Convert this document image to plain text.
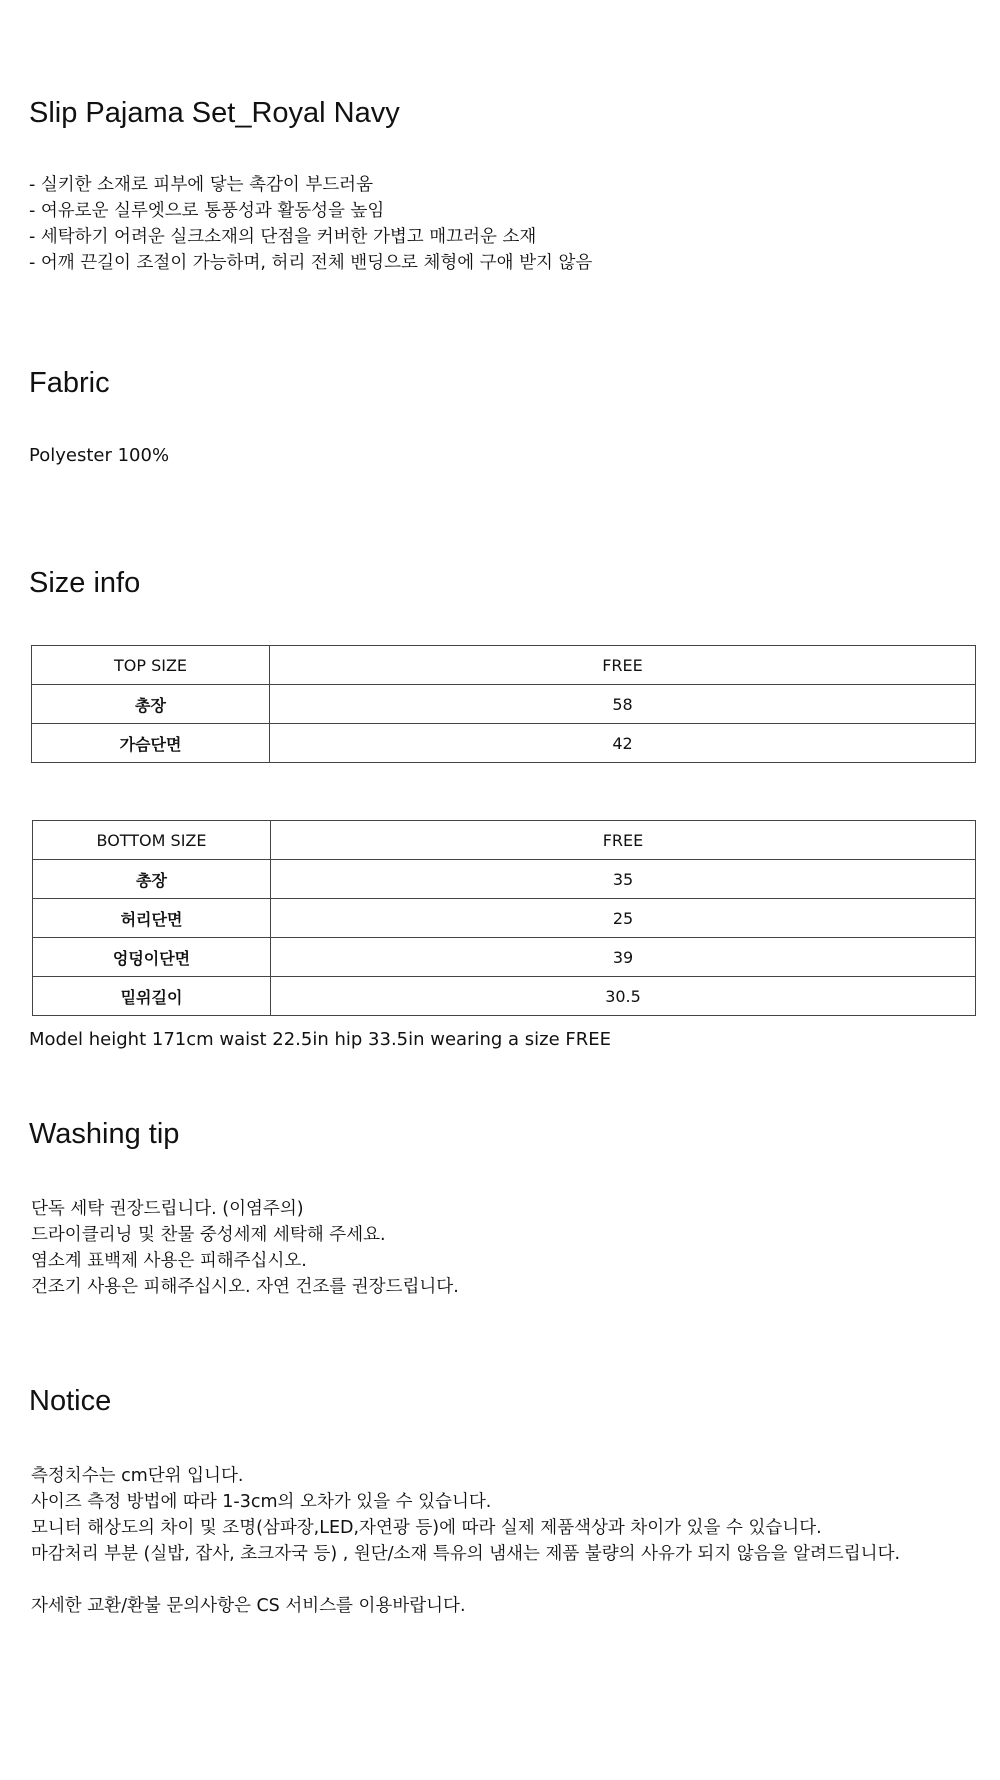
Slip Pajama Set_Royal Navy
- 실키한 소재로 피부에 닿는 촉감이 부드러움
- 여유로운 실루엣으로 통풍성과 활동성을 높임
- 세탁하기 어려운 실크소재의 단점을 커버한 가볍고 매끄러운 소재
- 어깨 끈길이 조절이 가능하며, 허리 전체 밴딩으로 체형에 구애 받지 않음
Fabric
Polyester 100%
Size info
TOP SIZE	FREE
총장	58
가슴단면	42
BOTTOM SIZE	FREE
총장	35
허리단면	25
엉덩이단면	39
밑위길이	30.5
Model height 171cm waist 22.5in hip 33.5in wearing a size FREE
Washing tip
단독 세탁 권장드립니다. (이염주의)
드라이클리닝 및 찬물 중성세제 세탁해 주세요.
염소계 표백제 사용은 피해주십시오.
건조기 사용은 피해주십시오. 자연 건조를 권장드립니다.
Notice
측정치수는 cm단위 입니다.
사이즈 측정 방법에 따라 1-3cm의 오차가 있을 수 있습니다.
모니터 해상도의 차이 및 조명(삼파장,LED,자연광 등)에 따라 실제 제품색상과 차이가 있을 수 있습니다.
마감처리 부분 (실밥, 잡사, 초크자국 등) , 원단/소재 특유의 냄새는 제품 불량의 사유가 되지 않음을 알려드립니다.
자세한 교환/환불 문의사항은 CS 서비스를 이용바랍니다.
